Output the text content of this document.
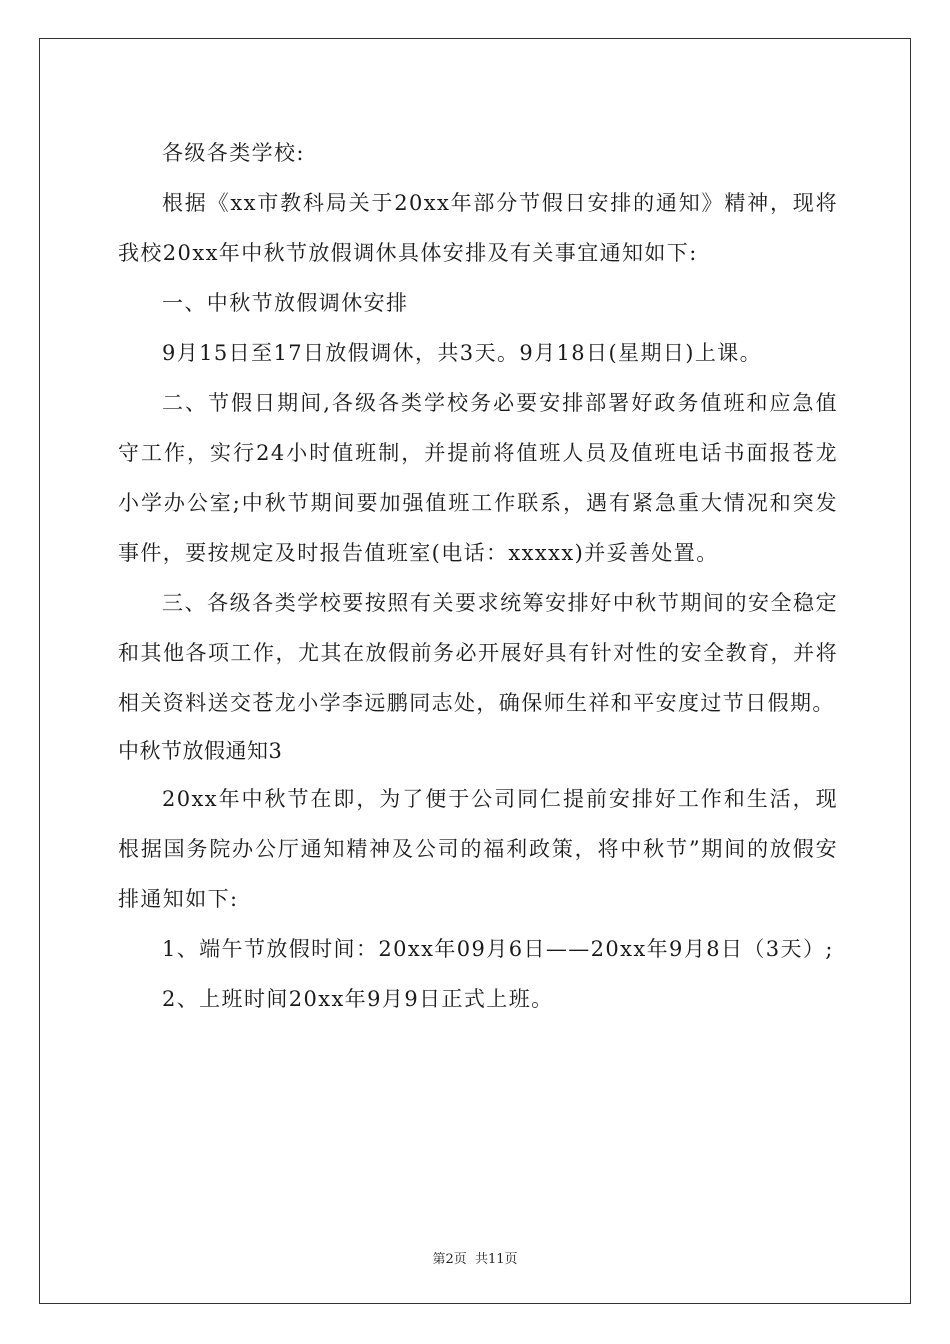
各级各类学校:

根据《xx市教科局关于20xx年部分节假日安排的通知》精神，现将我校20xx年中秋节放假调休具体安排及有关事宜通知如下:

一、中秋节放假调休安排

9月15日至17日放假调休，共3天。9月18日(星期日)上课。

二、节假日期间,各级各类学校务必要安排部署好政务值班和应急值守工作，实行24小时值班制，并提前将值班人员及值班电话书面报苍龙小学办公室;中秋节期间要加强值班工作联系，遇有紧急重大情况和突发事件，要按规定及时报告值班室(电话：xxxxx)并妥善处置。

三、各级各类学校要按照有关要求统筹安排好中秋节期间的安全稳定和其他各项工作，尤其在放假前务必开展好具有针对性的安全教育，并将相关资料送交苍龙小学李远鹏同志处，确保师生祥和平安度过节日假期。

中秋节放假通知3

20xx年中秋节在即，为了便于公司同仁提前安排好工作和生活，现根据国务院办公厅通知精神及公司的福利政策，将中秋节”期间的放假安排通知如下:

1、端午节放假时间：20xx年09月6日——20xx年9月8日（3天）;

2、上班时间20xx年9月9日正式上班。

第2页 共11页
